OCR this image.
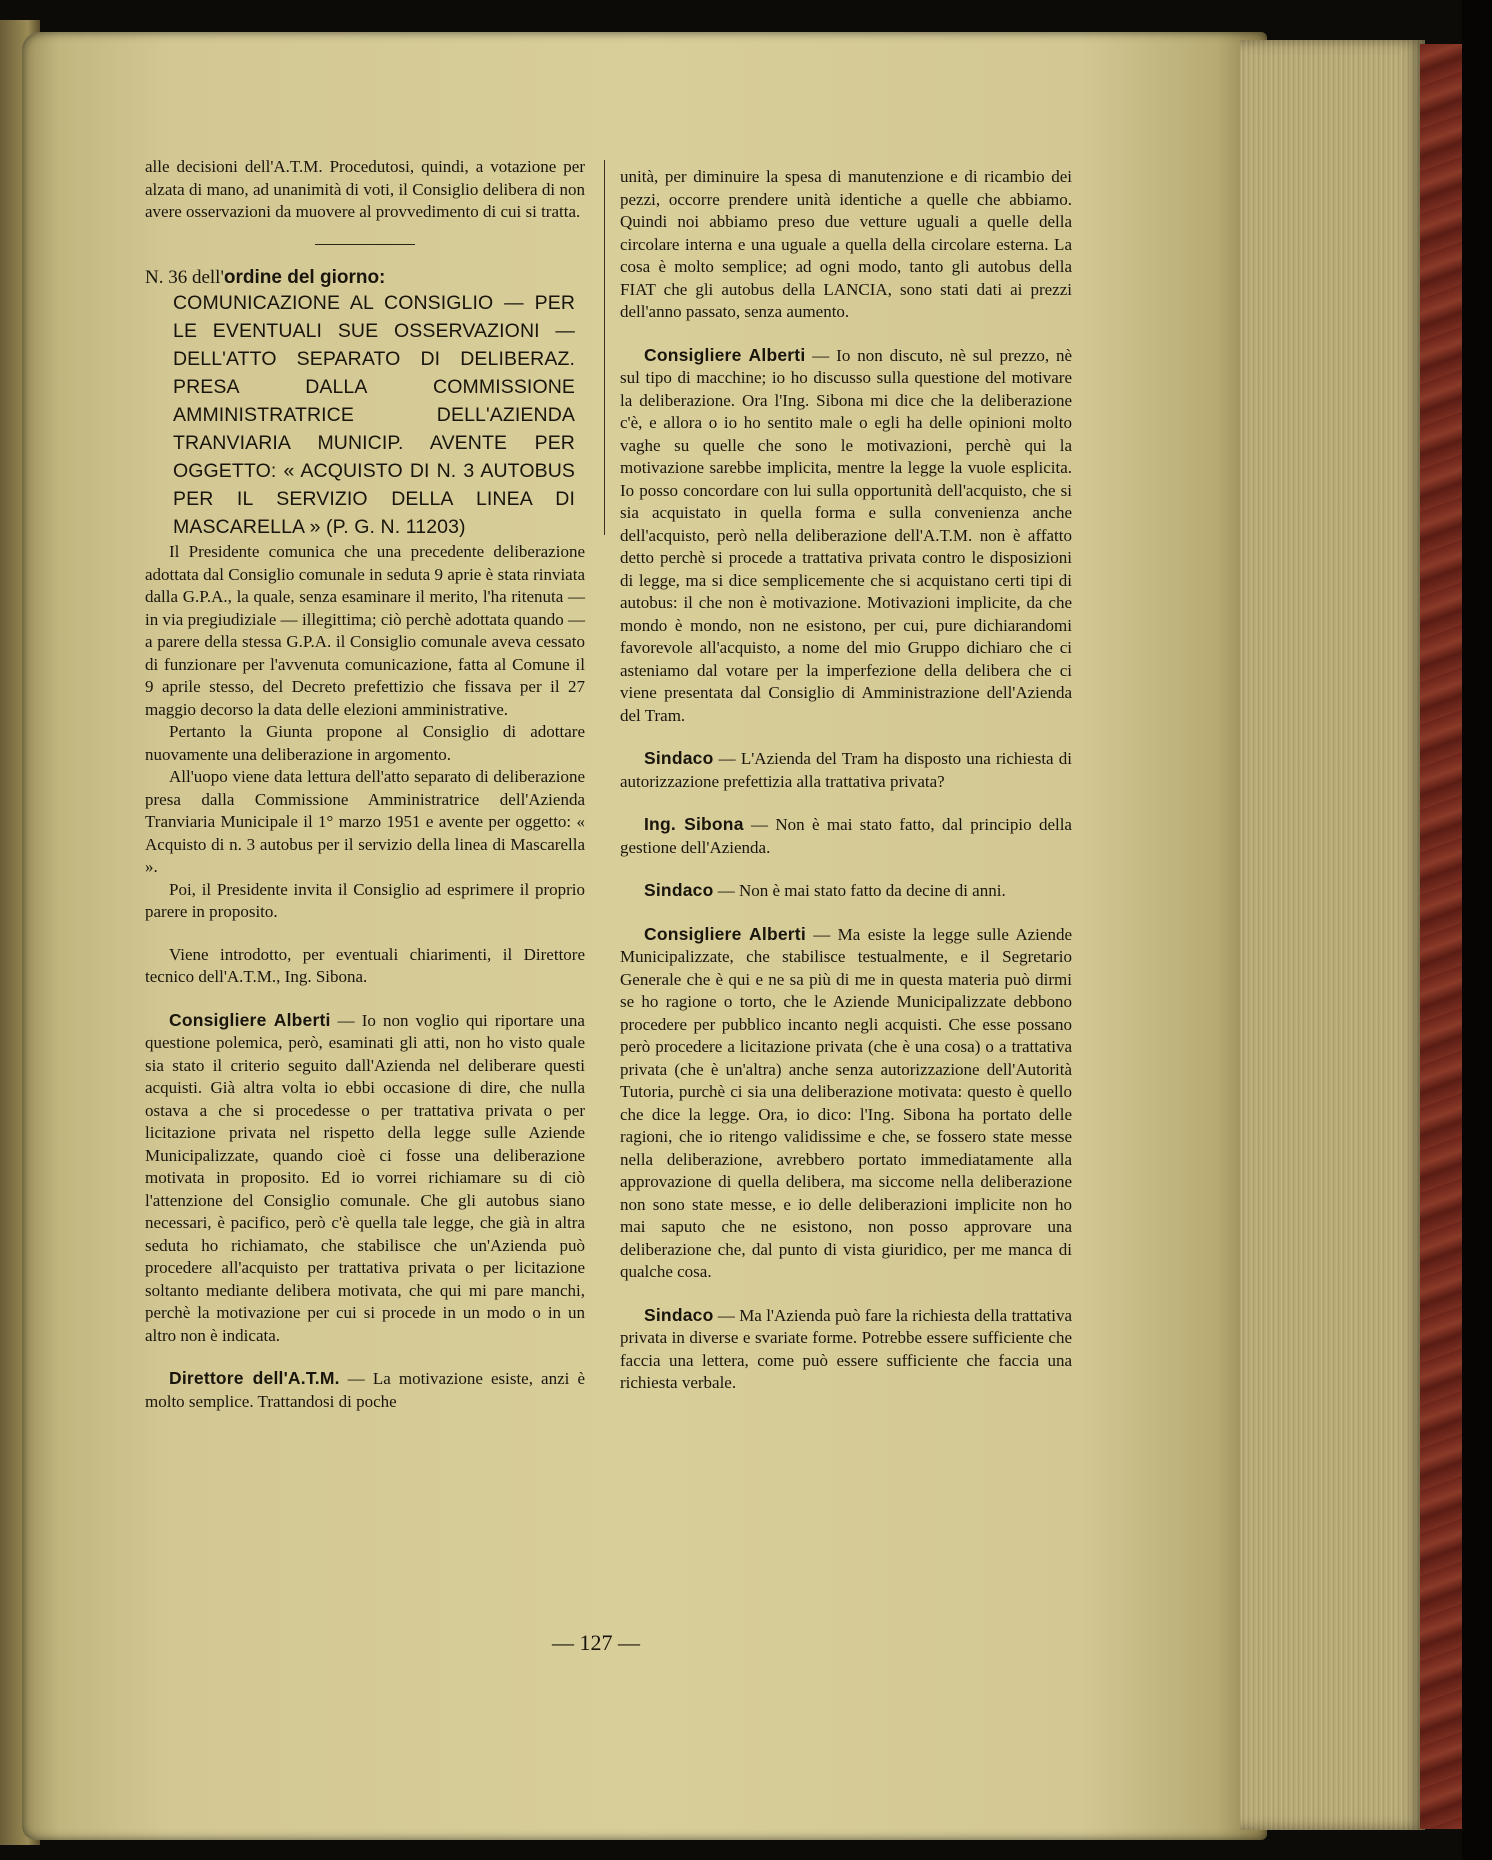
alle decisioni dell'A.T.M. Procedutosi, quindi, a votazione per alzata di mano, ad unanimità di voti, il Consiglio delibera di non avere osservazioni da muovere al provvedimento di cui si tratta.

N. 36 dell'ordine del giorno:

COMUNICAZIONE AL CONSIGLIO — PER LE EVENTUALI SUE OSSERVAZIONI — DELL'ATTO SEPARATO DI DELIBERAZ. PRESA DALLA COMMISSIONE AMMINISTRATRICE DELL'AZIENDA TRANVIARIA MUNICIP. AVENTE PER OGGETTO: « ACQUISTO DI N. 3 AUTOBUS PER IL SERVIZIO DELLA LINEA DI MASCARELLA » (P. G. N. 11203)

Il Presidente comunica che una precedente deliberazione adottata dal Consiglio comunale in seduta 9 aprie è stata rinviata dalla G.P.A., la quale, senza esaminare il merito, l'ha ritenuta — in via pregiudiziale — illegittima; ciò perchè adottata quando — a parere della stessa G.P.A. il Consiglio comunale aveva cessato di funzionare per l'avvenuta comunicazione, fatta al Comune il 9 aprile stesso, del Decreto prefettizio che fissava per il 27 maggio decorso la data delle elezioni amministrative.

Pertanto la Giunta propone al Consiglio di adottare nuovamente una deliberazione in argomento.

All'uopo viene data lettura dell'atto separato di deliberazione presa dalla Commissione Amministratrice dell'Azienda Tranviaria Municipale il 1° marzo 1951 e avente per oggetto: « Acquisto di n. 3 autobus per il servizio della linea di Mascarella ».

Poi, il Presidente invita il Consiglio ad esprimere il proprio parere in proposito.

Viene introdotto, per eventuali chiarimenti, il Direttore tecnico dell'A.T.M., Ing. Sibona.

Consigliere Alberti — Io non voglio qui riportare una questione polemica, però, esaminati gli atti, non ho visto quale sia stato il criterio seguito dall'Azienda nel deliberare questi acquisti. Già altra volta io ebbi occasione di dire, che nulla ostava a che si procedesse o per trattativa privata o per licitazione privata nel rispetto della legge sulle Aziende Municipalizzate, quando cioè ci fosse una deliberazione motivata in proposito. Ed io vorrei richiamare su di ciò l'attenzione del Consiglio comunale. Che gli autobus siano necessari, è pacifico, però c'è quella tale legge, che già in altra seduta ho richiamato, che stabilisce che un'Azienda può procedere all'acquisto per trattativa privata o per licitazione soltanto mediante delibera motivata, che qui mi pare manchi, perchè la motivazione per cui si procede in un modo o in un altro non è indicata.

Direttore dell'A.T.M. — La motivazione esiste, anzi è molto semplice. Trattandosi di poche

unità, per diminuire la spesa di manutenzione e di ricambio dei pezzi, occorre prendere unità identiche a quelle che abbiamo. Quindi noi abbiamo preso due vetture uguali a quelle della circolare interna e una uguale a quella della circolare esterna. La cosa è molto semplice; ad ogni modo, tanto gli autobus della FIAT che gli autobus della LANCIA, sono stati dati ai prezzi dell'anno passato, senza aumento.

Consigliere Alberti — Io non discuto, nè sul prezzo, nè sul tipo di macchine; io ho discusso sulla questione del motivare la deliberazione. Ora l'Ing. Sibona mi dice che la deliberazione c'è, e allora o io ho sentito male o egli ha delle opinioni molto vaghe su quelle che sono le motivazioni, perchè qui la motivazione sarebbe implicita, mentre la legge la vuole esplicita. Io posso concordare con lui sulla opportunità dell'acquisto, che si sia acquistato in quella forma e sulla convenienza anche dell'acquisto, però nella deliberazione dell'A.T.M. non è affatto detto perchè si procede a trattativa privata contro le disposizioni di legge, ma si dice semplicemente che si acquistano certi tipi di autobus: il che non è motivazione. Motivazioni implicite, da che mondo è mondo, non ne esistono, per cui, pure dichiarandomi favorevole all'acquisto, a nome del mio Gruppo dichiaro che ci asteniamo dal votare per la imperfezione della delibera che ci viene presentata dal Consiglio di Amministrazione dell'Azienda del Tram.

Sindaco — L'Azienda del Tram ha disposto una richiesta di autorizzazione prefettizia alla trattativa privata?

Ing. Sibona — Non è mai stato fatto, dal principio della gestione dell'Azienda.

Sindaco — Non è mai stato fatto da decine di anni.

Consigliere Alberti — Ma esiste la legge sulle Aziende Municipalizzate, che stabilisce testualmente, e il Segretario Generale che è qui e ne sa più di me in questa materia può dirmi se ho ragione o torto, che le Aziende Municipalizzate debbono procedere per pubblico incanto negli acquisti. Che esse possano però procedere a licitazione privata (che è una cosa) o a trattativa privata (che è un'altra) anche senza autorizzazione dell'Autorità Tutoria, purchè ci sia una deliberazione motivata: questo è quello che dice la legge. Ora, io dico: l'Ing. Sibona ha portato delle ragioni, che io ritengo validissime e che, se fossero state messe nella deliberazione, avrebbero portato immediatamente alla approvazione di quella delibera, ma siccome nella deliberazione non sono state messe, e io delle deliberazioni implicite non ho mai saputo che ne esistono, non posso approvare una deliberazione che, dal punto di vista giuridico, per me manca di qualche cosa.

Sindaco — Ma l'Azienda può fare la richiesta della trattativa privata in diverse e svariate forme. Potrebbe essere sufficiente che faccia una lettera, come può essere sufficiente che faccia una richiesta verbale.

— 127 —
